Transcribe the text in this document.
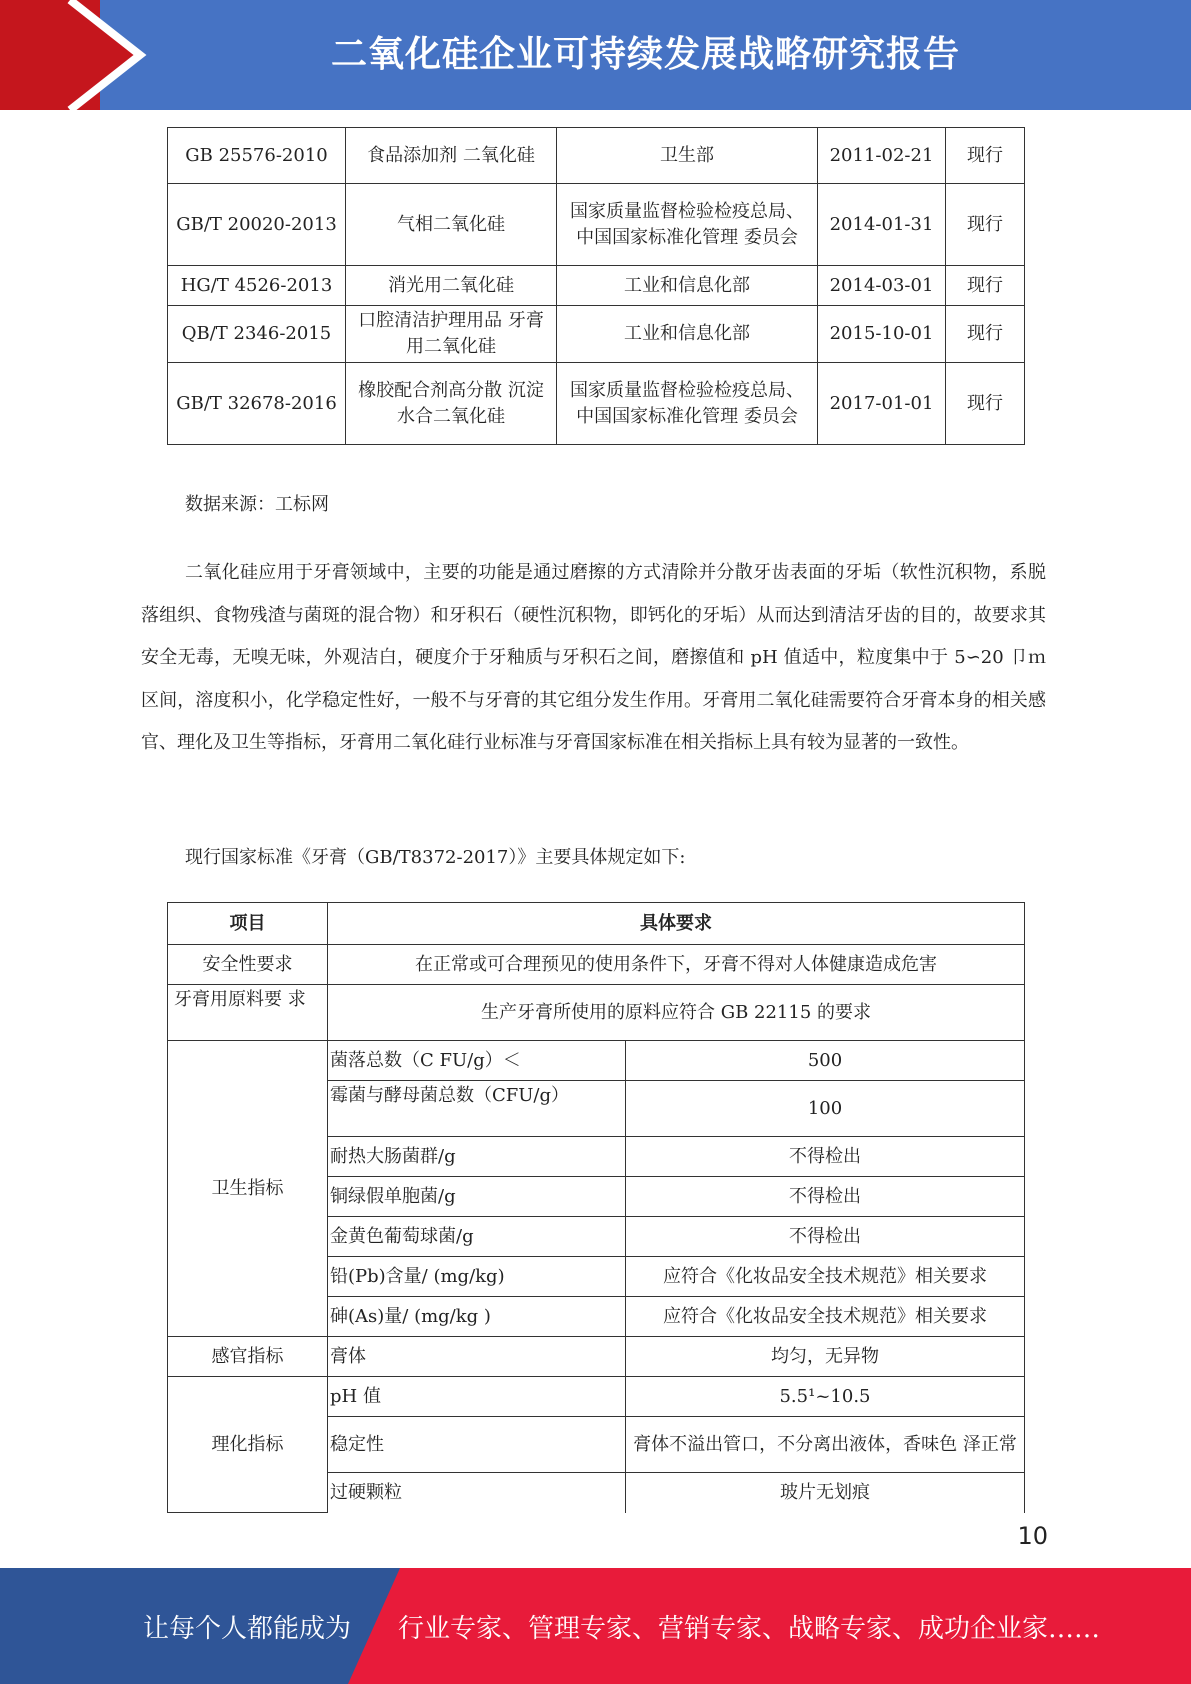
二氧化硅企业可持续发展战略研究报告
GB 25576-2010	食品添加剂 二氧化硅	卫生部	2011-02-21	现行
GB/T 20020-2013	气相二氧化硅	国家质量监督检验检疫总局、中国国家标准化管理 委员会	2014-01-31	现行
HG/T 4526-2013	消光用二氧化硅	工业和信息化部	2014-03-01	现行
QB/T 2346-2015	口腔清洁护理用品 牙膏用二氧化硅	工业和信息化部	2015-10-01	现行
GB/T 32678-2016	橡胶配合剂高分散 沉淀水合二氧化硅	国家质量监督检验检疫总局、中国国家标准化管理 委员会	2017-01-01	现行
数据来源：工标网
二氧化硅应用于牙膏领域中，主要的功能是通过磨擦的方式清除并分散牙齿表面的牙垢（软性沉积物，系脱落组织、食物残渣与菌斑的混合物）和牙积石（硬性沉积物，即钙化的牙垢）从而达到清洁牙齿的目的，故要求其安全无毒，无嗅无味，外观洁白，硬度介于牙釉质与牙积石之间，磨擦值和 pH 值适中，粒度集中于 5∽20 卩ｍ区间，溶度积小，化学稳定性好，一般不与牙膏的其它组分发生作用。牙膏用二氧化硅需要符合牙膏本身的相关感官、理化及卫生等指标，牙膏用二氧化硅行业标准与牙膏国家标准在相关指标上具有较为显著的一致性。
现行国家标准《牙膏（GB/T8372-2017）》主要具体规定如下:
项目	具体要求	
安全性要求	在正常或可合理预见的使用条件下，牙膏不得对人体健康造成危害	
牙膏用原料要 求	生产牙膏所使用的原料应符合 GB 22115 的要求	
卫生指标	菌落总数（C FU/g）＜	500
	霉菌与酵母菌总数（CFU/g）	100
	耐热大肠菌群/g	不得检出
	铜绿假单胞菌/g	不得检出
	金黄色葡萄球菌/g	不得检出
	铅(Pb)含量/ (mg/kg)	应符合《化妆品安全技术规范》相关要求
	砷(As)量/ (mg/kg )	应符合《化妆品安全技术规范》相关要求
感官指标	膏体	均匀，无异物
理化指标	pH 值	5.5¹~10.5
	稳定性	膏体不溢出管口，不分离出液体，香味色 泽正常
	过硬颗粒	玻片无划痕
10
让每个人都能成为 行业专家、管理专家、营销专家、战略专家、成功企业家……
